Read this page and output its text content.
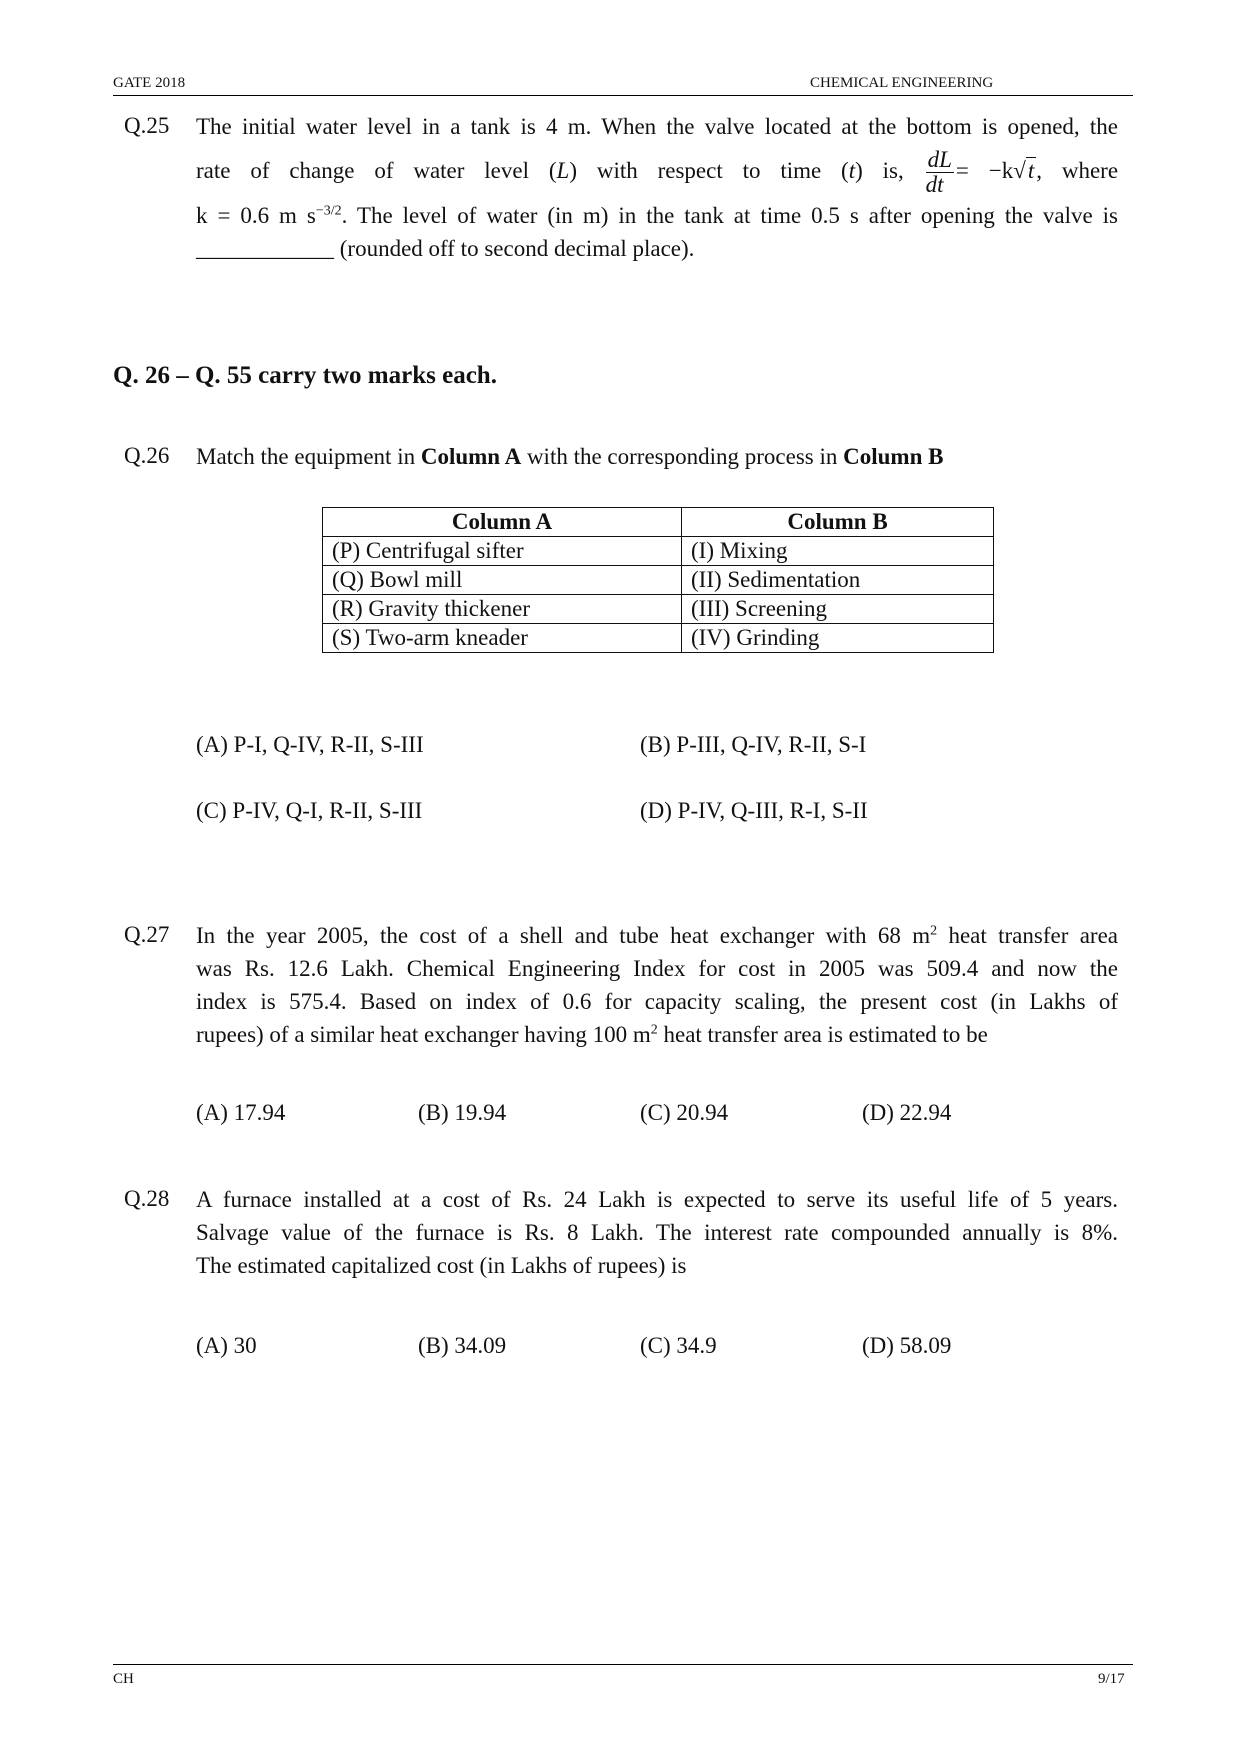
GATE 2018	CHEMICAL ENGINEERING
Q.25 The initial water level in a tank is 4 m. When the valve located at the bottom is opened, the
rate of change of water level (L) with respect to time (t) is, $\frac{dL}{dt} = -k√t$, where
k = 0.6 m $s^{-3/2}$. The level of water (in m) in the tank at time 0.5 s after opening the valve is
____________ (rounded off to second decimal place).
Q. 26 – Q. 55 carry two marks each.
Q.26 Match the equipment in Column A with the corresponding process in Column B
Column A	Column B
(P) Centrifugal sifter	(I) Mixing
(Q) Bowl mill	(II) Sedimentation
(R) Gravity thickener	(III) Screening
(S) Two-arm kneader	(IV) Grinding
(A) P-I, Q-IV, R-II, S-III	(B) P-III, Q-IV, R-II, S-I
(C) P-IV, Q-I, R-II, S-III	(D) P-IV, Q-III, R-I, S-II
Q.27 In the year 2005, the cost of a shell and tube heat exchanger with 68 $m^2$ heat transfer area
was Rs. 12.6 Lakh. Chemical Engineering Index for cost in 2005 was 509.4 and now the
index is 575.4. Based on index of 0.6 for capacity scaling, the present cost (in Lakhs of
rupees) of a similar heat exchanger having 100 $m^2$ heat transfer area is estimated to be
(A) 17.94	(B) 19.94	(C) 20.94	(D) 22.94
Q.28 A furnace installed at a cost of Rs. 24 Lakh is expected to serve its useful life of 5 years.
Salvage value of the furnace is Rs. 8 Lakh. The interest rate compounded annually is 8%.
The estimated capitalized cost (in Lakhs of rupees) is
(A) 30	(B) 34.09	(C) 34.9	(D) 58.09
CH	9/17
